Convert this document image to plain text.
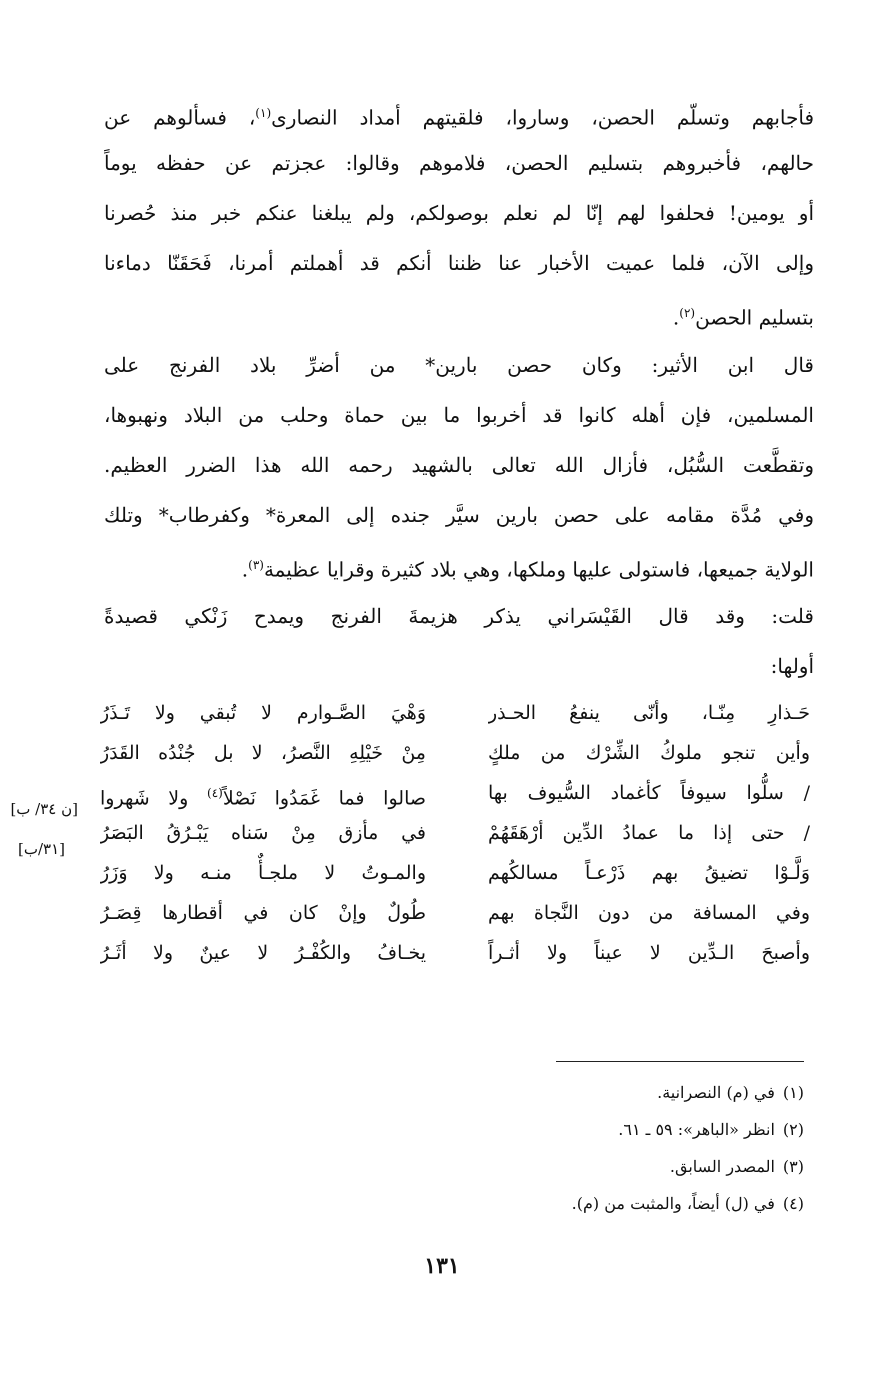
فأجابهم وتسلّم الحصن، وساروا، فلقيتهم أمداد النصارى$^{(١)}$، فسألوهم عن
حالهم، فأخبروهم بتسليم الحصن، فلاموهم وقالوا: عجزتم عن حفظه يوماً
أو يومين! فحلفوا لهم إنّا لم نعلم بوصولكم، ولم يبلغنا عنكم خبر منذ حُصرنا
وإلى الآن، فلما عميت الأخبار عنا ظننا أنكم قد أهملتم أمرنا، فَحَقَنّا دماءنا
بتسليم الحصن$^{(٢)}$.
قال ابن الأثير: وكان حصن بارين* من أضرِّ بلاد الفرنج على
المسلمين، فإن أهله كانوا قد أخربوا ما بين حماة وحلب من البلاد ونهبوها،
وتقطَّعت السُّبُل، فأزال الله تعالى بالشهيد رحمه الله هذا الضرر العظيم.
وفي مُدَّة مقامه على حصن بارين سيَّر جنده إلى المعرة* وكفرطاب* وتلك
الولاية جميعها، فاستولى عليها وملكها، وهي بلاد كثيرة وقرايا عظيمة$^{(٣)}$.
قلت: وقد قال القَيْسَراني يذكر هزيمةَ الفرنج ويمدح زَنْكي قصيدةً
أولها:
حَـذارِ مِنّـا، وأنّى ينفعُ الحـذر
وأين تنجو ملوكُ الشِّرْك من ملكٍ
/ سلُّوا سيوفاً كأغماد السُّيوف بها
/ حتى إذا ما عمادُ الدِّين أرْهَقَهُمْ
وَلَّـوْا تضيقُ بهم ذَرْعـاً مسالكُهم
وفي المسافة من دون النَّجاة بهم
وأصبحَ الـدِّين لا عيناً ولا أثـراً
وَهْيَ الصَّـوارم لا تُبقي ولا تَـذَرُ
مِنْ خَيْلِهِ النَّصرُ، لا بل جُنْدُه القَدَرُ
صالوا فما غَمَدُوا نَصْلاً$^{(٤)}$ ولا شَهروا
في مأزق مِنْ سَناه يَبْـرُقُ البَصَرُ
والمـوتُ لا ملجـأٌ منـه ولا وَزَرُ
طُولٌ وإنْ كان في أقطارها قِصَـرُ
يخـافُ والكُفْـرُ لا عينٌ ولا أثَـرُ
[ن ٣٤/ ب]
[٣١/ب]
(١)في (م) النصرانية.
(٢)انظر «الباهر»: ٥٩ ـ ٦١.
(٣)المصدر السابق.
(٤)في (ل) أيضاً، والمثبت من (م).
١٣١
